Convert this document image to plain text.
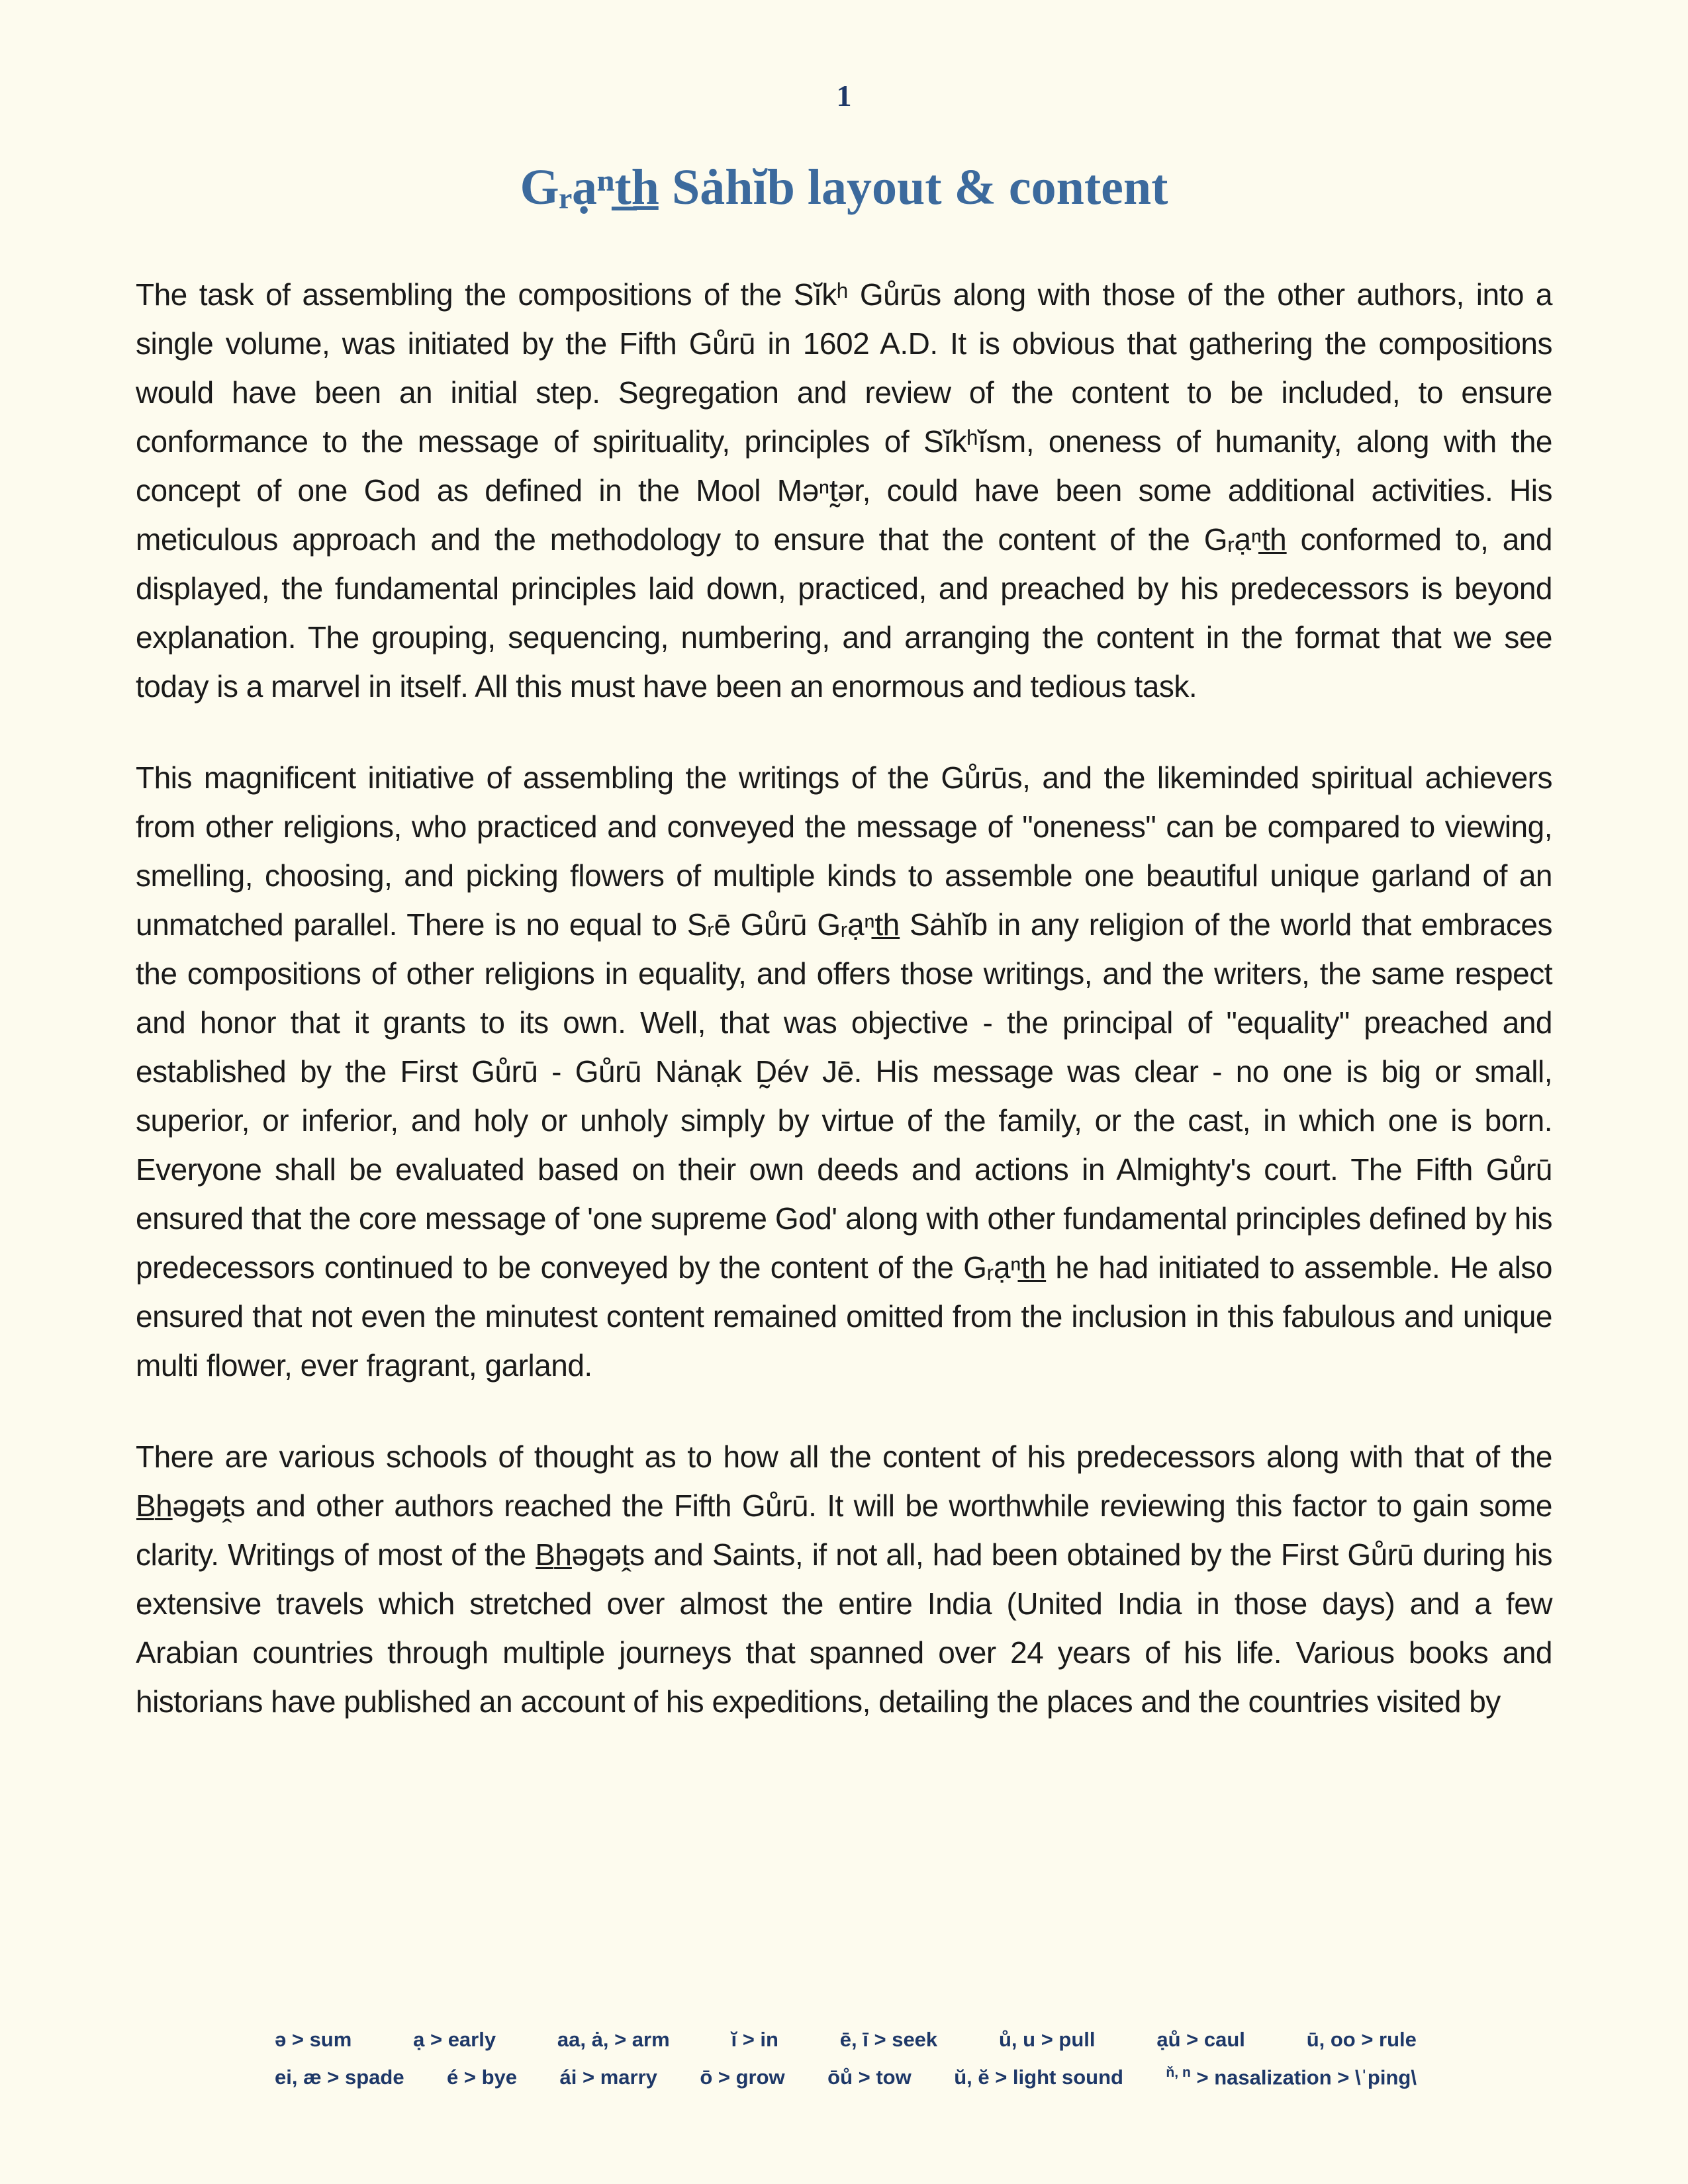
1
Gᵣạⁿt̲h̲ Sȧhĭb layout & content

The task of assembling the compositions of the Sĭkʰ Gůrūs along with those of the other authors, into a single volume, was initiated by the Fifth Gůrū in 1602 A.D. It is obvious that gathering the compositions would have been an initial step. Segregation and review of the content to be included, to ensure conformance to the message of spirituality, principles of Sĭkʰĭsm, oneness of humanity, along with the concept of one God as defined in the Mool Məⁿt̰ər, could have been some additional activities. His meticulous approach and the methodology to ensure that the content of the Gᵣạⁿt̲h̲ conformed to, and displayed, the fundamental principles laid down, practiced, and preached by his predecessors is beyond explanation. The grouping, sequencing, numbering, and arranging the content in the format that we see today is a marvel in itself. All this must have been an enormous and tedious task.

This magnificent initiative of assembling the writings of the Gůrūs, and the likeminded spiritual achievers from other religions, who practiced and conveyed the message of "oneness" can be compared to viewing, smelling, choosing, and picking flowers of multiple kinds to assemble one beautiful unique garland of an unmatched parallel. There is no equal to Sᵣē Gůrū Gᵣạⁿt̲h̲ Sȧhĭb in any religion of the world that embraces the compositions of other religions in equality, and offers those writings, and the writers, the same respect and honor that it grants to its own. Well, that was objective - the principal of "equality" preached and established by the First Gůrū - Gůrū Nȧnạk D̰év Jē. His message was clear - no one is big or small, superior, or inferior, and holy or unholy simply by virtue of the family, or the cast, in which one is born. Everyone shall be evaluated based on their own deeds and actions in Almighty's court. The Fifth Gůrū ensured that the core message of 'one supreme God' along with other fundamental principles defined by his predecessors continued to be conveyed by the content of the Gᵣạⁿt̲h̲ he had initiated to assemble. He also ensured that not even the minutest content remained omitted from the inclusion in this fabulous and unique multi flower, ever fragrant, garland.

There are various schools of thought as to how all the content of his predecessors along with that of the B̲h̲əgəṱs and other authors reached the Fifth Gůrū. It will be worthwhile reviewing this factor to gain some clarity. Writings of most of the B̲h̲əgəṱs and Saints, if not all, had been obtained by the First Gůrū during his extensive travels which stretched over almost the entire India (United India in those days) and a few Arabian countries through multiple journeys that spanned over 24 years of his life. Various books and historians have published an account of his expeditions, detailing the places and the countries visited by

ə > sum	ạ > early	aa, ȧ, > arm	ĭ > in	ē, ī > seek	ů, u > pull	ạů > caul	ū, oo > rule
ei, æ > spade é > bye ái > marry ō > grow ōů > tow ŭ, ĕ > light sound	$^{ň, n}$ > nasalization > \ˈping\
